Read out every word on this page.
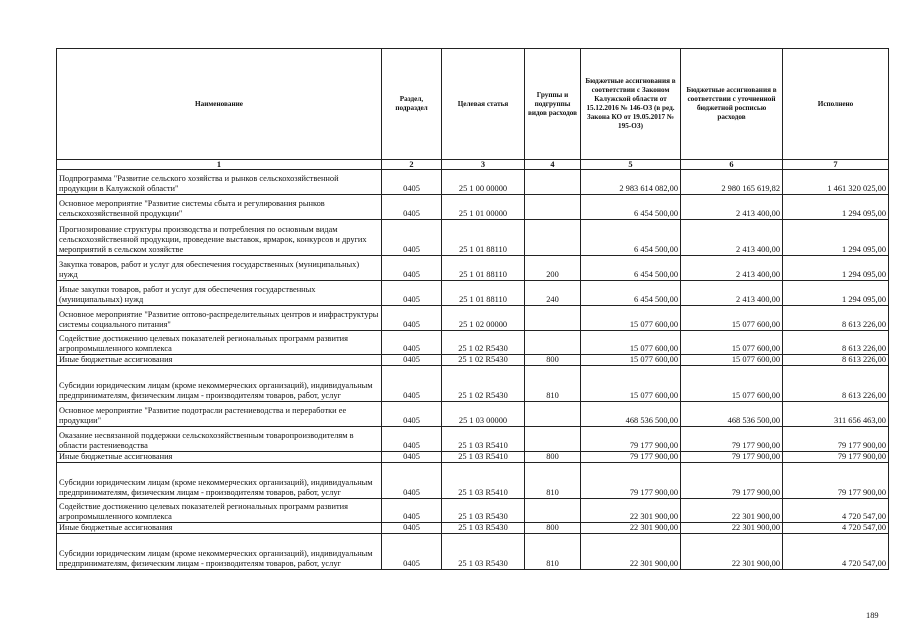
Наименование	Раздел, подраздел	Целевая статья	Группы и подгруппы видов расходов	Бюджетные ассигнования в соответствии с Законом Калужской области от 15.12.2016 № 146-ОЗ (в ред. Закона КО от 19.05.2017 № 195-ОЗ)	Бюджетные ассигнования в соответствии с уточненной бюджетной росписью расходов	Исполнено
1	2	3	4	5	6	7
Подпрограмма "Развитие сельского хозяйства и рынков сельскохозяйственной продукции в Калужской области"	0405	25 1 00 00000		2 983 614 082,00	2 980 165 619,82	1 461 320 025,00
Основное мероприятие "Развитие системы сбыта и регулирования рынков сельскохозяйственной продукции"	0405	25 1 01 00000		6 454 500,00	2 413 400,00	1 294 095,00
Прогнозирование структуры производства и потребления по основным видам сельскохозяйственной продукции, проведение выставок, ярмарок, конкурсов и других мероприятий в сельском хозяйстве	0405	25 1 01 88110		6 454 500,00	2 413 400,00	1 294 095,00
Закупка товаров, работ и услуг для обеспечения государственных (муниципальных) нужд	0405	25 1 01 88110	200	6 454 500,00	2 413 400,00	1 294 095,00
Иные закупки товаров, работ и услуг для обеспечения государственных (муниципальных) нужд	0405	25 1 01 88110	240	6 454 500,00	2 413 400,00	1 294 095,00
Основное мероприятие "Развитие оптово-распределительных центров и инфраструктуры системы социального питания"	0405	25 1 02 00000		15 077 600,00	15 077 600,00	8 613 226,00
Содействие достижению целевых показателей региональных программ развития агропромышленного комплекса	0405	25 1 02 R5430		15 077 600,00	15 077 600,00	8 613 226,00
Иные бюджетные ассигнования	0405	25 1 02 R5430	800	15 077 600,00	15 077 600,00	8 613 226,00
Субсидии юридическим лицам (кроме некоммерческих организаций), индивидуальным предпринимателям, физическим лицам - производителям товаров, работ, услуг	0405	25 1 02 R5430	810	15 077 600,00	15 077 600,00	8 613 226,00
Основное мероприятие "Развитие подотрасли растениеводства и переработки ее продукции"	0405	25 1 03 00000		468 536 500,00	468 536 500,00	311 656 463,00
Оказание несвязанной поддержки сельскохозяйственным товаропроизводителям в области растениеводства	0405	25 1 03 R5410		79 177 900,00	79 177 900,00	79 177 900,00
Иные бюджетные ассигнования	0405	25 1 03 R5410	800	79 177 900,00	79 177 900,00	79 177 900,00
Субсидии юридическим лицам (кроме некоммерческих организаций), индивидуальным предпринимателям, физическим лицам - производителям товаров, работ, услуг	0405	25 1 03 R5410	810	79 177 900,00	79 177 900,00	79 177 900,00
Содействие достижению целевых показателей региональных программ развития агропромышленного комплекса	0405	25 1 03 R5430		22 301 900,00	22 301 900,00	4 720 547,00
Иные бюджетные ассигнования	0405	25 1 03 R5430	800	22 301 900,00	22 301 900,00	4 720 547,00
Субсидии юридическим лицам (кроме некоммерческих организаций), индивидуальным предпринимателям, физическим лицам - производителям товаров, работ, услуг	0405	25 1 03 R5430	810	22 301 900,00	22 301 900,00	4 720 547,00
189
